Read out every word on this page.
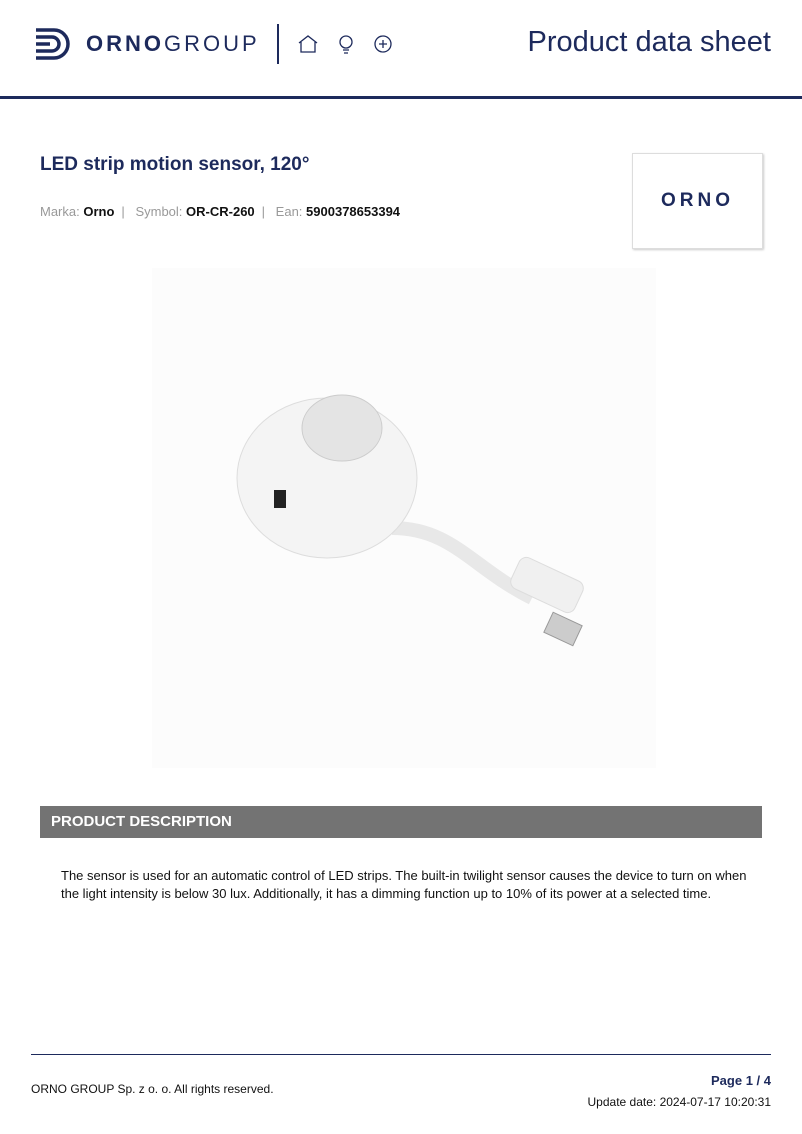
ORNOGROUP	Product data sheet
LED strip motion sensor, 120°
Marka: Orno | Symbol: OR-CR-260 | Ean: 5900378653394
ORNO
PRODUCT DESCRIPTION
The sensor is used for an automatic control of LED strips. The built-in twilight sensor causes the device to turn on when the light intensity is below 30 lux. Additionally, it has a dimming function up to 10% of its power at a selected time.
ORNO GROUP Sp. z o. o. All rights reserved.
Page 1 / 4
Update date: 2024-07-17 10:20:31
